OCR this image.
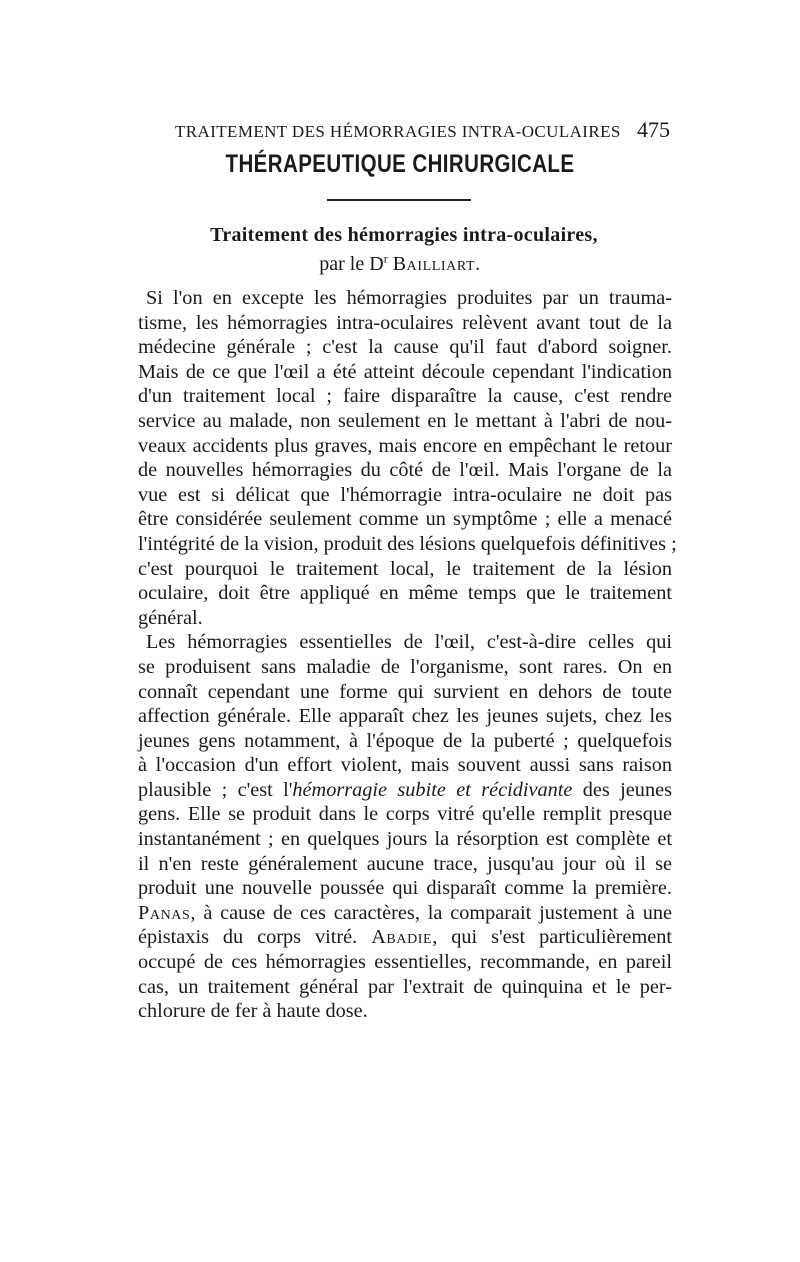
TRAITEMENT DES HÉMORRAGIES INTRA-OCULAIRES 475
THÉRAPEUTIQUE CHIRURGICALE
Traitement des hémorragies intra-oculaires,
par le $D^r$ Bailliart.
Si l'on en excepte les hémorragies produites par un trauma-
tisme, les hémorragies intra-oculaires relèvent avant tout de la
médecine générale ; c'est la cause qu'il faut d'abord soigner.
Mais de ce que l'œil a été atteint découle cependant l'indication
d'un traitement local ; faire disparaître la cause, c'est rendre
service au malade, non seulement en le mettant à l'abri de nou-
veaux accidents plus graves, mais encore en empêchant le retour
de nouvelles hémorragies du côté de l'œil. Mais l'organe de la
vue est si délicat que l'hémorragie intra-oculaire ne doit pas
être considérée seulement comme un symptôme ; elle a menacé
l'intégrité de la vision, produit des lésions quelquefois définitives ;
c'est pourquoi le traitement local, le traitement de la lésion
oculaire, doit être appliqué en même temps que le traitement
général.
Les hémorragies essentielles de l'œil, c'est-à-dire celles qui
se produisent sans maladie de l'organisme, sont rares. On en
connaît cependant une forme qui survient en dehors de toute
affection générale. Elle apparaît chez les jeunes sujets, chez les
jeunes gens notamment, à l'époque de la puberté ; quelquefois
à l'occasion d'un effort violent, mais souvent aussi sans raison
plausible ; c'est l'hémorragie subite et récidivante des jeunes
gens. Elle se produit dans le corps vitré qu'elle remplit presque
instantanément ; en quelques jours la résorption est complète et
il n'en reste généralement aucune trace, jusqu'au jour où il se
produit une nouvelle poussée qui disparaît comme la première.
Panas, à cause de ces caractères, la comparait justement à une
épistaxis du corps vitré. Abadie, qui s'est particulièrement
occupé de ces hémorragies essentielles, recommande, en pareil
cas, un traitement général par l'extrait de quinquina et le per-
chlorure de fer à haute dose.
